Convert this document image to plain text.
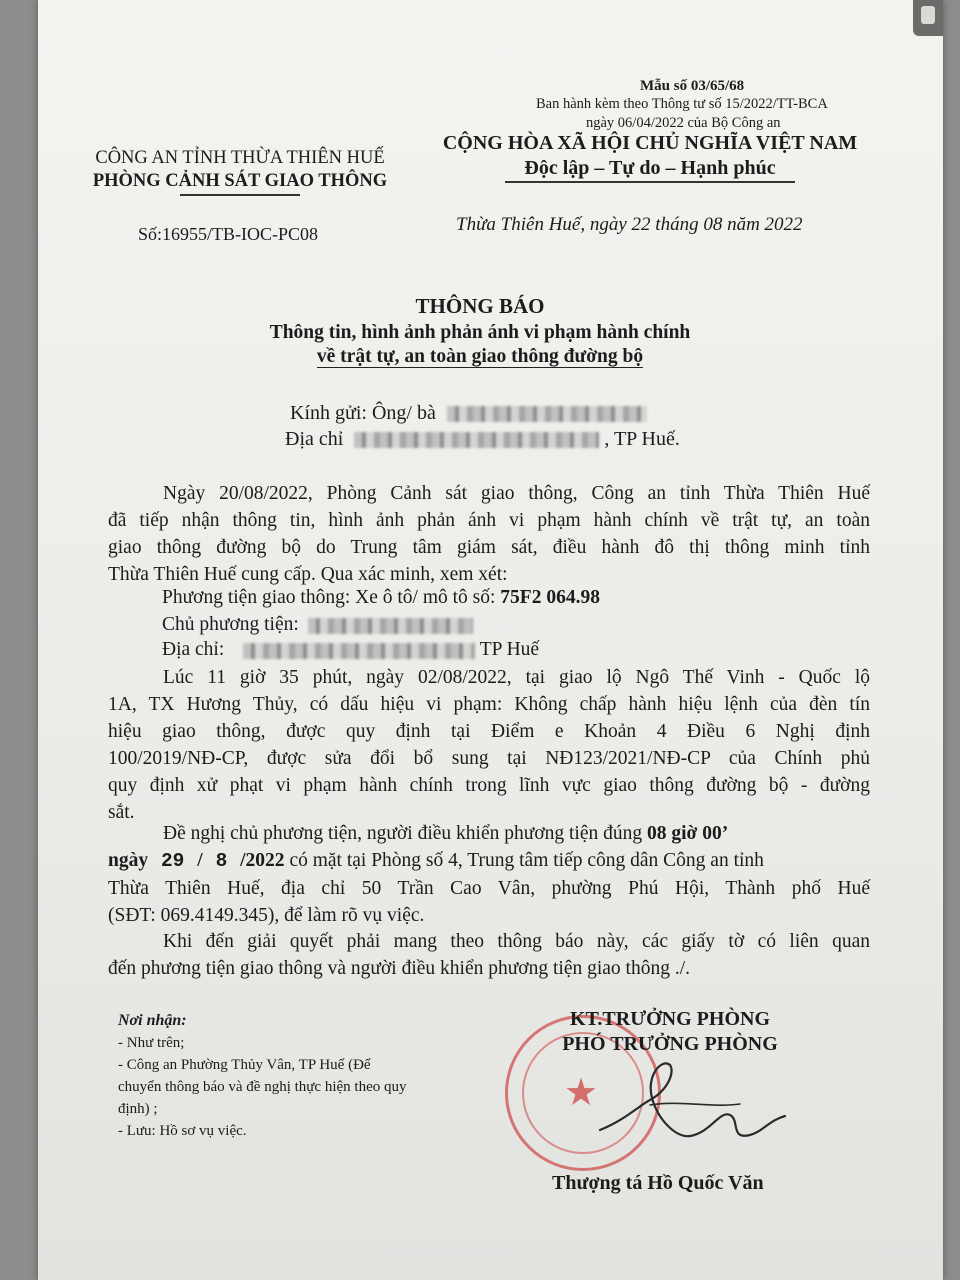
Mẫu số 03/65/68
Ban hành kèm theo Thông tư số 15/2022/TT-BCA
ngày 06/04/2022 của Bộ Công an
CÔNG AN TỈNH THỪA THIÊN HUẾ
PHÒNG CẢNH SÁT GIAO THÔNG
Số:16955/TB-IOC-PC08
CỘNG HÒA XÃ HỘI CHỦ NGHĨA VIỆT NAM
Độc lập – Tự do – Hạnh phúc
Thừa Thiên Huế, ngày 22 tháng 08 năm 2022
THÔNG BÁO
Thông tin, hình ảnh phản ánh vi phạm hành chính
về trật tự, an toàn giao thông đường bộ
Kính gửi: Ông/ bà
Địa chỉ	, TP Huế.
Ngày 20/08/2022, Phòng Cảnh sát giao thông, Công an tỉnh Thừa Thiên Huế
đã tiếp nhận thông tin, hình ảnh phản ánh vi phạm hành chính về trật tự, an toàn
giao thông đường bộ do Trung tâm giám sát, điều hành đô thị thông minh tỉnh
Thừa Thiên Huế cung cấp. Qua xác minh, xem xét:
Phương tiện giao thông: Xe ô tô/ mô tô số: 75F2 064.98
Chủ phương tiện:
Địa chỉ:	TP Huế
Lúc 11 giờ 35 phút, ngày 02/08/2022, tại giao lộ Ngô Thế Vinh - Quốc lộ
1A, TX Hương Thủy, có dấu hiệu vi phạm: Không chấp hành hiệu lệnh của đèn tín
hiệu giao thông, được quy định tại Điểm e Khoản 4 Điều 6 Nghị định
100/2019/NĐ-CP, được sửa đổi bổ sung tại NĐ123/2021/NĐ-CP của Chính phủ
quy định xử phạt vi phạm hành chính trong lĩnh vực giao thông đường bộ - đường
sắt.
Đề nghị chủ phương tiện, người điều khiển phương tiện đúng 08 giờ 00’
ngày 29 / 8 /2022 có mặt tại Phòng số 4, Trung tâm tiếp công dân Công an tỉnh
Thừa Thiên Huế, địa chỉ 50 Trần Cao Vân, phường Phú Hội, Thành phố Huế
(SĐT: 069.4149.345), để làm rõ vụ việc.
Khi đến giải quyết phải mang theo thông báo này, các giấy tờ có liên quan
đến phương tiện giao thông và người điều khiển phương tiện giao thông ./.
Nơi nhận:
- Như trên;
- Công an Phường Thủy Vân, TP Huế (Để
chuyển thông báo và đề nghị thực hiện theo quy
định) ;
- Lưu: Hồ sơ vụ việc.
★
KT.TRƯỞNG PHÒNG
PHÓ TRƯỞNG PHÒNG
Thượng tá Hồ Quốc Văn
